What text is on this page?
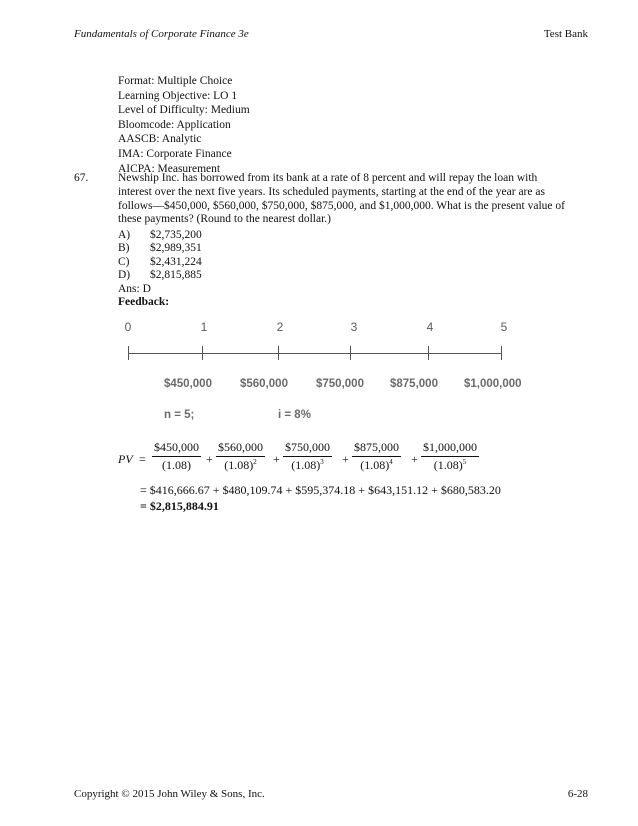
Fundamentals of Corporate Finance 3e	Test Bank
Format: Multiple Choice
Learning Objective: LO 1
Level of Difficulty: Medium
Bloomcode: Application
AASCB: Analytic
IMA: Corporate Finance
AICPA: Measurement
67.	Newship Inc. has borrowed from its bank at a rate of 8 percent and will repay the loan with interest over the next five years. Its scheduled payments, starting at the end of the year are as follows—$450,000, $560,000, $750,000, $875,000, and $1,000,000. What is the present value of these payments? (Round to the nearest dollar.)
A) $2,735,200
B) $2,989,351
C) $2,431,224
D) $2,815,885
Ans: D
Feedback:
0	1	2	3	4	5
$450,000 $560,000 $750,000 $875,000 $1,000,000
n = 5;	i = 8%
PV = $\frac{\$450,000}{(1.08)} + \frac{\$560,000}{(1.08)^2} + \frac{\$750,000}{(1.08)^3} + \frac{\$875,000}{(1.08)^4} + \frac{\$1,000,000}{(1.08)^5}$
= $416,666.67 + $480,109.74 + $595,374.18 + $643,151.12 + $680,583.20
= $2,815,884.91
Copyright © 2015 John Wiley & Sons, Inc.	6-28
